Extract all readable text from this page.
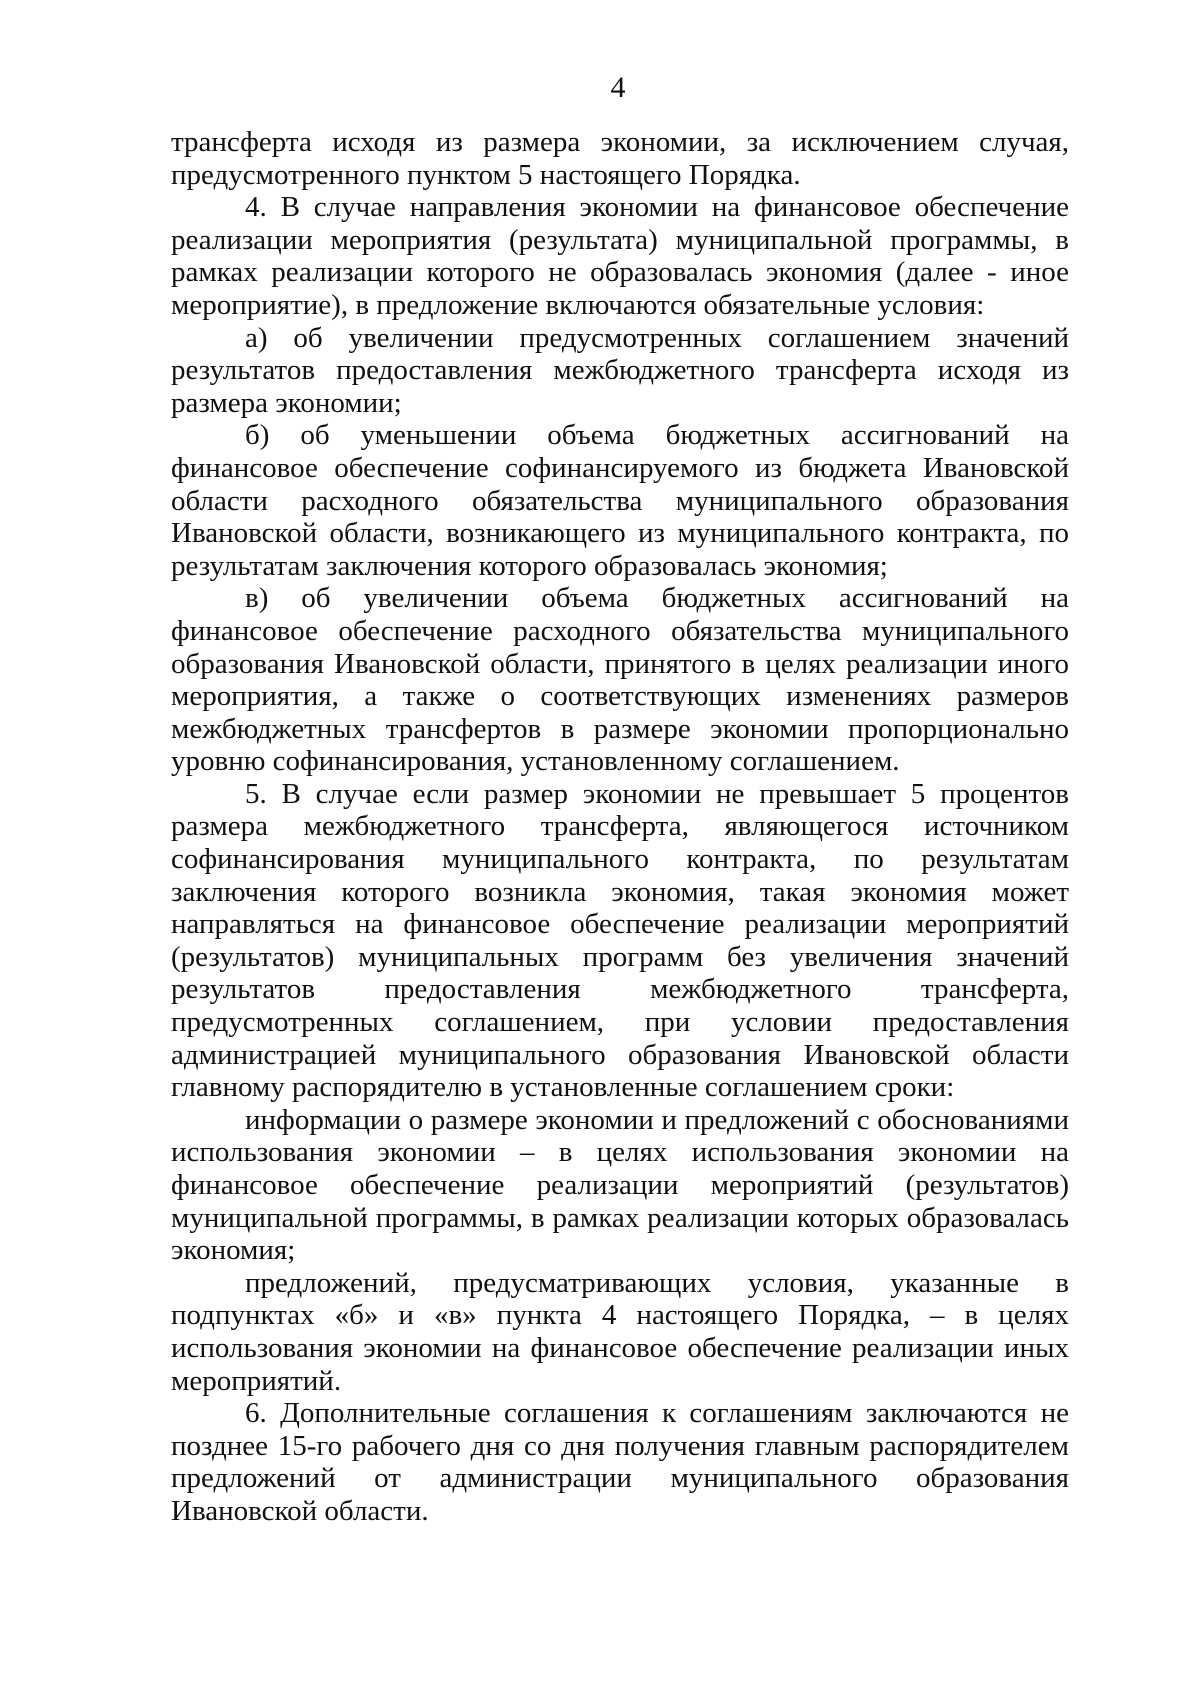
4

трансферта исходя из размера экономии, за исключением случая, предусмотренного пунктом 5 настоящего Порядка.

4. В случае направления экономии на финансовое обеспечение реализации мероприятия (результата) муниципальной программы, в рамках реализации которого не образовалась экономия (далее - иное мероприятие), в предложение включаются обязательные условия:

а) об увеличении предусмотренных соглашением значений результатов предоставления межбюджетного трансферта исходя из размера экономии;

б) об уменьшении объема бюджетных ассигнований на финансовое обеспечение софинансируемого из бюджета Ивановской области расходного обязательства муниципального образования Ивановской области, возникающего из муниципального контракта, по результатам заключения которого образовалась экономия;

в) об увеличении объема бюджетных ассигнований на финансовое обеспечение расходного обязательства муниципального образования Ивановской области, принятого в целях реализации иного мероприятия, а также о соответствующих изменениях размеров межбюджетных трансфертов в размере экономии пропорционально уровню софинансирования, установленному соглашением.

5. В случае если размер экономии не превышает 5 процентов размера межбюджетного трансферта, являющегося источником софинансирования муниципального контракта, по результатам заключения которого возникла экономия, такая экономия может направляться на финансовое обеспечение реализации мероприятий (результатов) муниципальных программ без увеличения значений результатов предоставления межбюджетного трансферта, предусмотренных соглашением, при условии предоставления администрацией муниципального образования Ивановской области главному распорядителю в установленные соглашением сроки:

информации о размере экономии и предложений с обоснованиями использования экономии – в целях использования экономии на финансовое обеспечение реализации мероприятий (результатов) муниципальной программы, в рамках реализации которых образовалась экономия;

предложений, предусматривающих условия, указанные в подпунктах «б» и «в» пункта 4 настоящего Порядка, – в целях использования экономии на финансовое обеспечение реализации иных мероприятий.

6. Дополнительные соглашения к соглашениям заключаются не позднее 15-го рабочего дня со дня получения главным распорядителем предложений от администрации муниципального образования Ивановской области.
